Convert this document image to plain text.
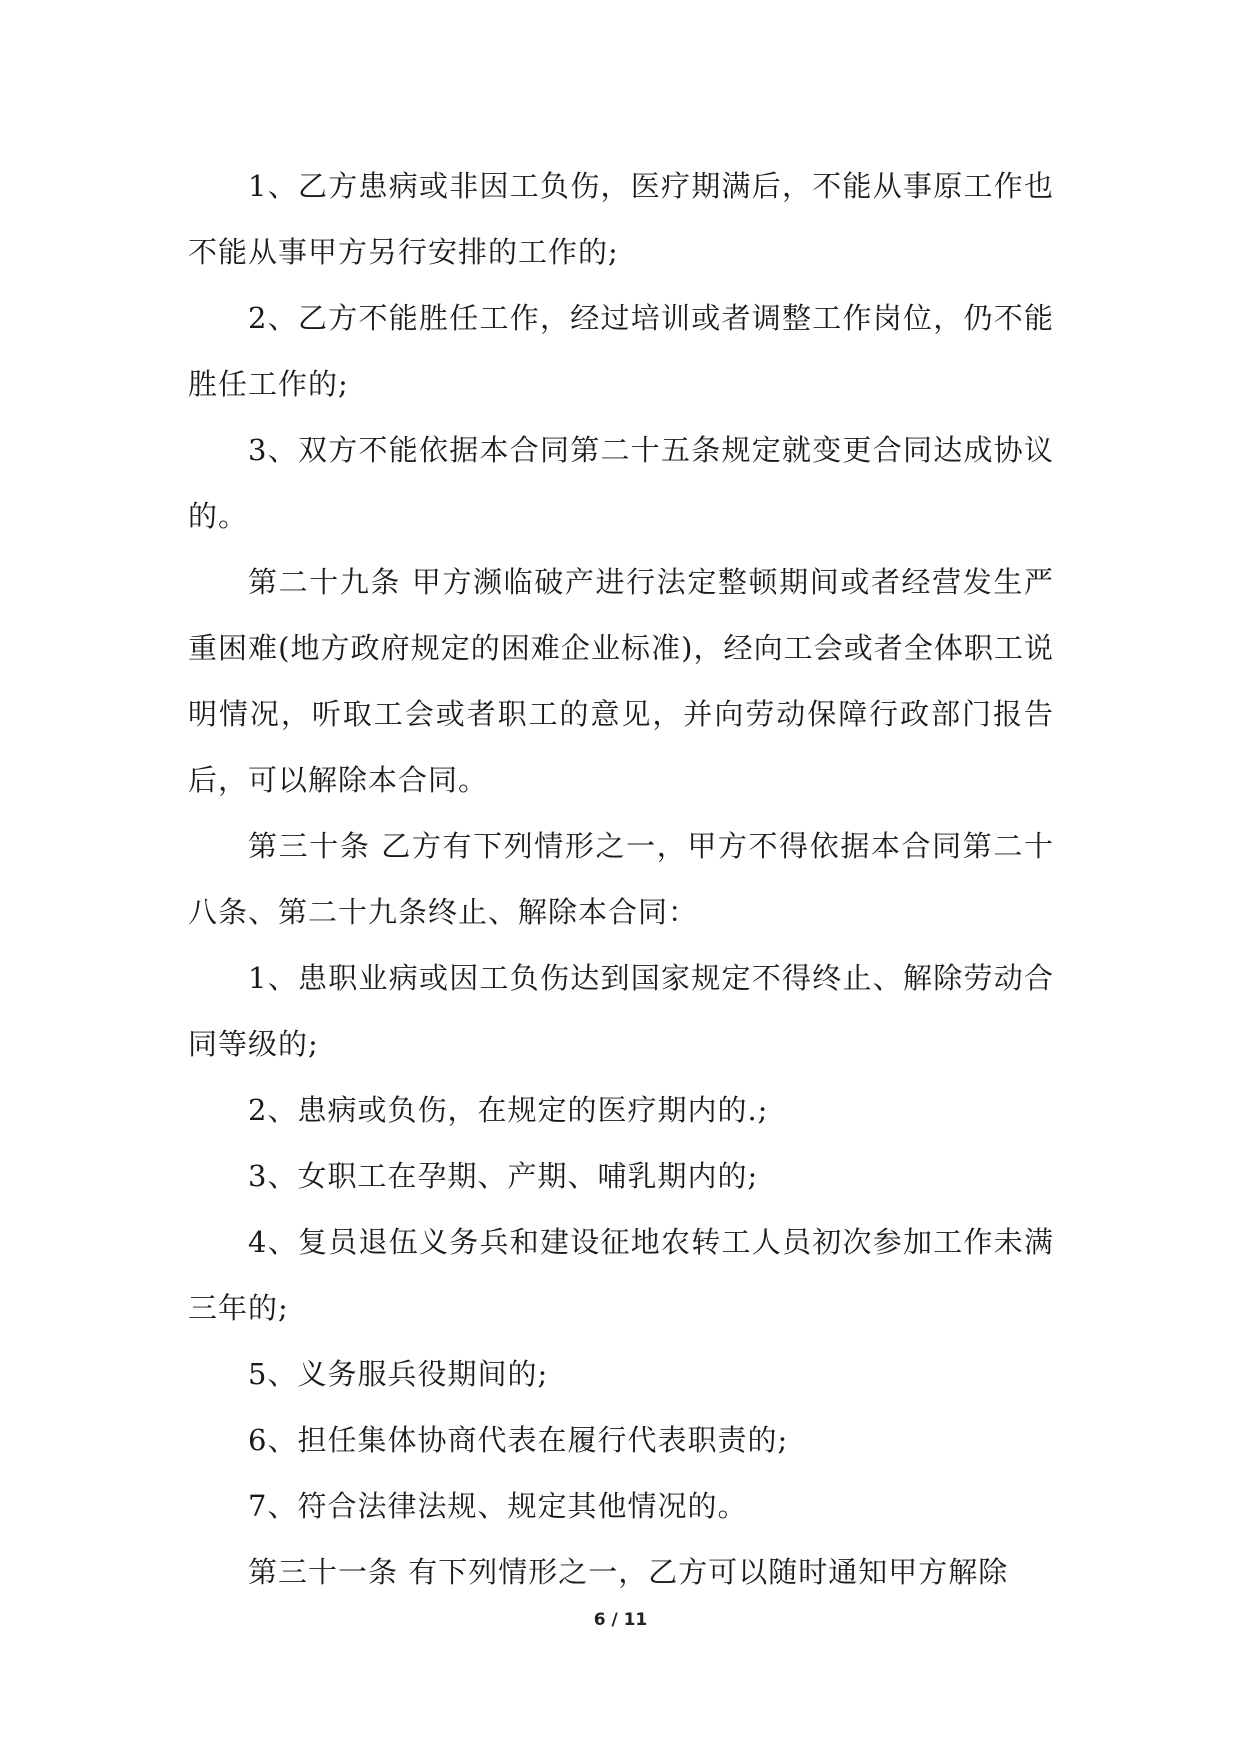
1、乙方患病或非因工负伤，医疗期满后，不能从事原工作也不能从事甲方另行安排的工作的;

2、乙方不能胜任工作，经过培训或者调整工作岗位，仍不能胜任工作的;

3、双方不能依据本合同第二十五条规定就变更合同达成协议的。

第二十九条 甲方濒临破产进行法定整顿期间或者经营发生严重困难(地方政府规定的困难企业标准)，经向工会或者全体职工说明情况，听取工会或者职工的意见，并向劳动保障行政部门报告后，可以解除本合同。

第三十条 乙方有下列情形之一，甲方不得依据本合同第二十八条、第二十九条终止、解除本合同：

1、患职业病或因工负伤达到国家规定不得终止、解除劳动合同等级的;

2、患病或负伤，在规定的医疗期内的.;

3、女职工在孕期、产期、哺乳期内的;

4、复员退伍义务兵和建设征地农转工人员初次参加工作未满三年的;

5、义务服兵役期间的;

6、担任集体协商代表在履行代表职责的;

7、符合法律法规、规定其他情况的。

第三十一条 有下列情形之一，乙方可以随时通知甲方解除

6 / 11
